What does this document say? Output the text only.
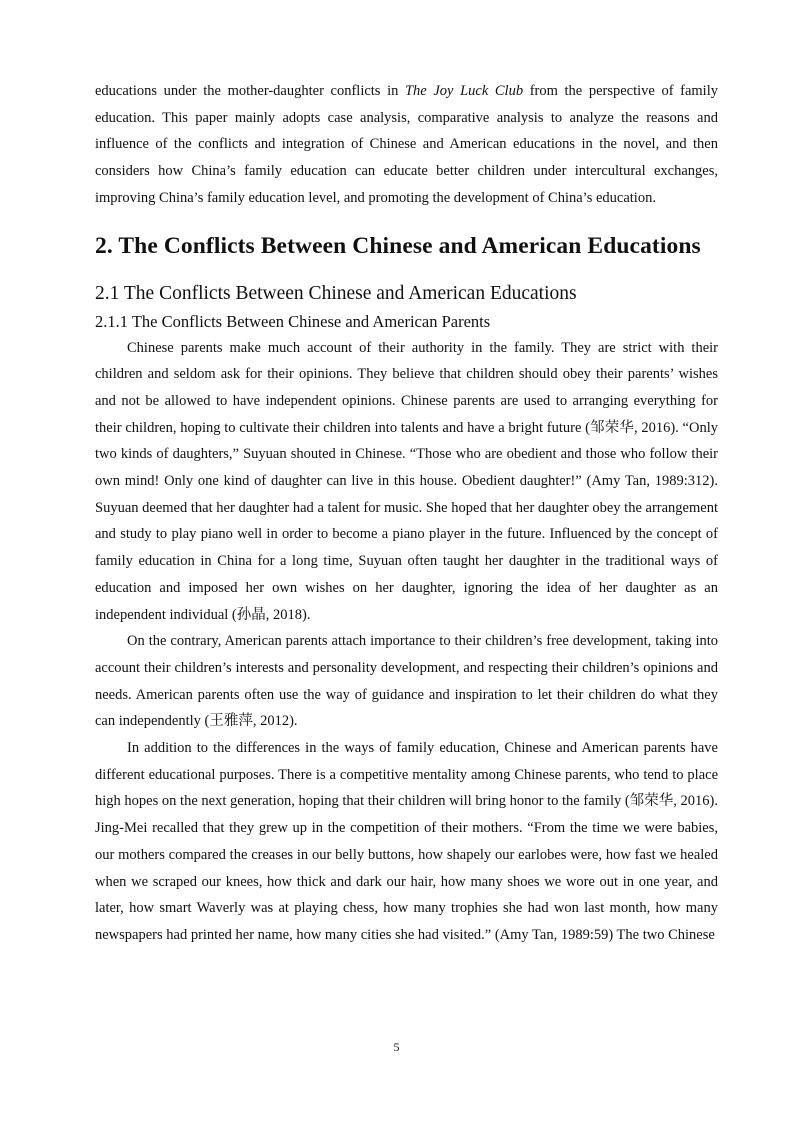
educations under the mother-daughter conflicts in The Joy Luck Club from the perspective of family education. This paper mainly adopts case analysis, comparative analysis to analyze the reasons and influence of the conflicts and integration of Chinese and American educations in the novel, and then considers how China’s family education can educate better children under intercultural exchanges, improving China’s family education level, and promoting the development of China’s education.

2. The Conflicts Between Chinese and American Educations
2.1 The Conflicts Between Chinese and American Educations
2.1.1 The Conflicts Between Chinese and American Parents

Chinese parents make much account of their authority in the family. They are strict with their children and seldom ask for their opinions. They believe that children should obey their parents’ wishes and not be allowed to have independent opinions. Chinese parents are used to arranging everything for their children, hoping to cultivate their children into talents and have a bright future (邹荣华, 2016). “Only two kinds of daughters,” Suyuan shouted in Chinese. “Those who are obedient and those who follow their own mind! Only one kind of daughter can live in this house. Obedient daughter!” (Amy Tan, 1989:312). Suyuan deemed that her daughter had a talent for music. She hoped that her daughter obey the arrangement and study to play piano well in order to become a piano player in the future. Influenced by the concept of family education in China for a long time, Suyuan often taught her daughter in the traditional ways of education and imposed her own wishes on her daughter, ignoring the idea of her daughter as an independent individual (孙晶, 2018).

On the contrary, American parents attach importance to their children’s free development, taking into account their children’s interests and personality development, and respecting their children’s opinions and needs. American parents often use the way of guidance and inspiration to let their children do what they can independently (王雅萍, 2012).

In addition to the differences in the ways of family education, Chinese and American parents have different educational purposes. There is a competitive mentality among Chinese parents, who tend to place high hopes on the next generation, hoping that their children will bring honor to the family (邹荣华, 2016). Jing-Mei recalled that they grew up in the competition of their mothers. “From the time we were babies, our mothers compared the creases in our belly buttons, how shapely our earlobes were, how fast we healed when we scraped our knees, how thick and dark our hair, how many shoes we wore out in one year, and later, how smart Waverly was at playing chess, how many trophies she had won last month, how many newspapers had printed her name, how many cities she had visited.” (Amy Tan, 1989:59) The two Chinese

5
